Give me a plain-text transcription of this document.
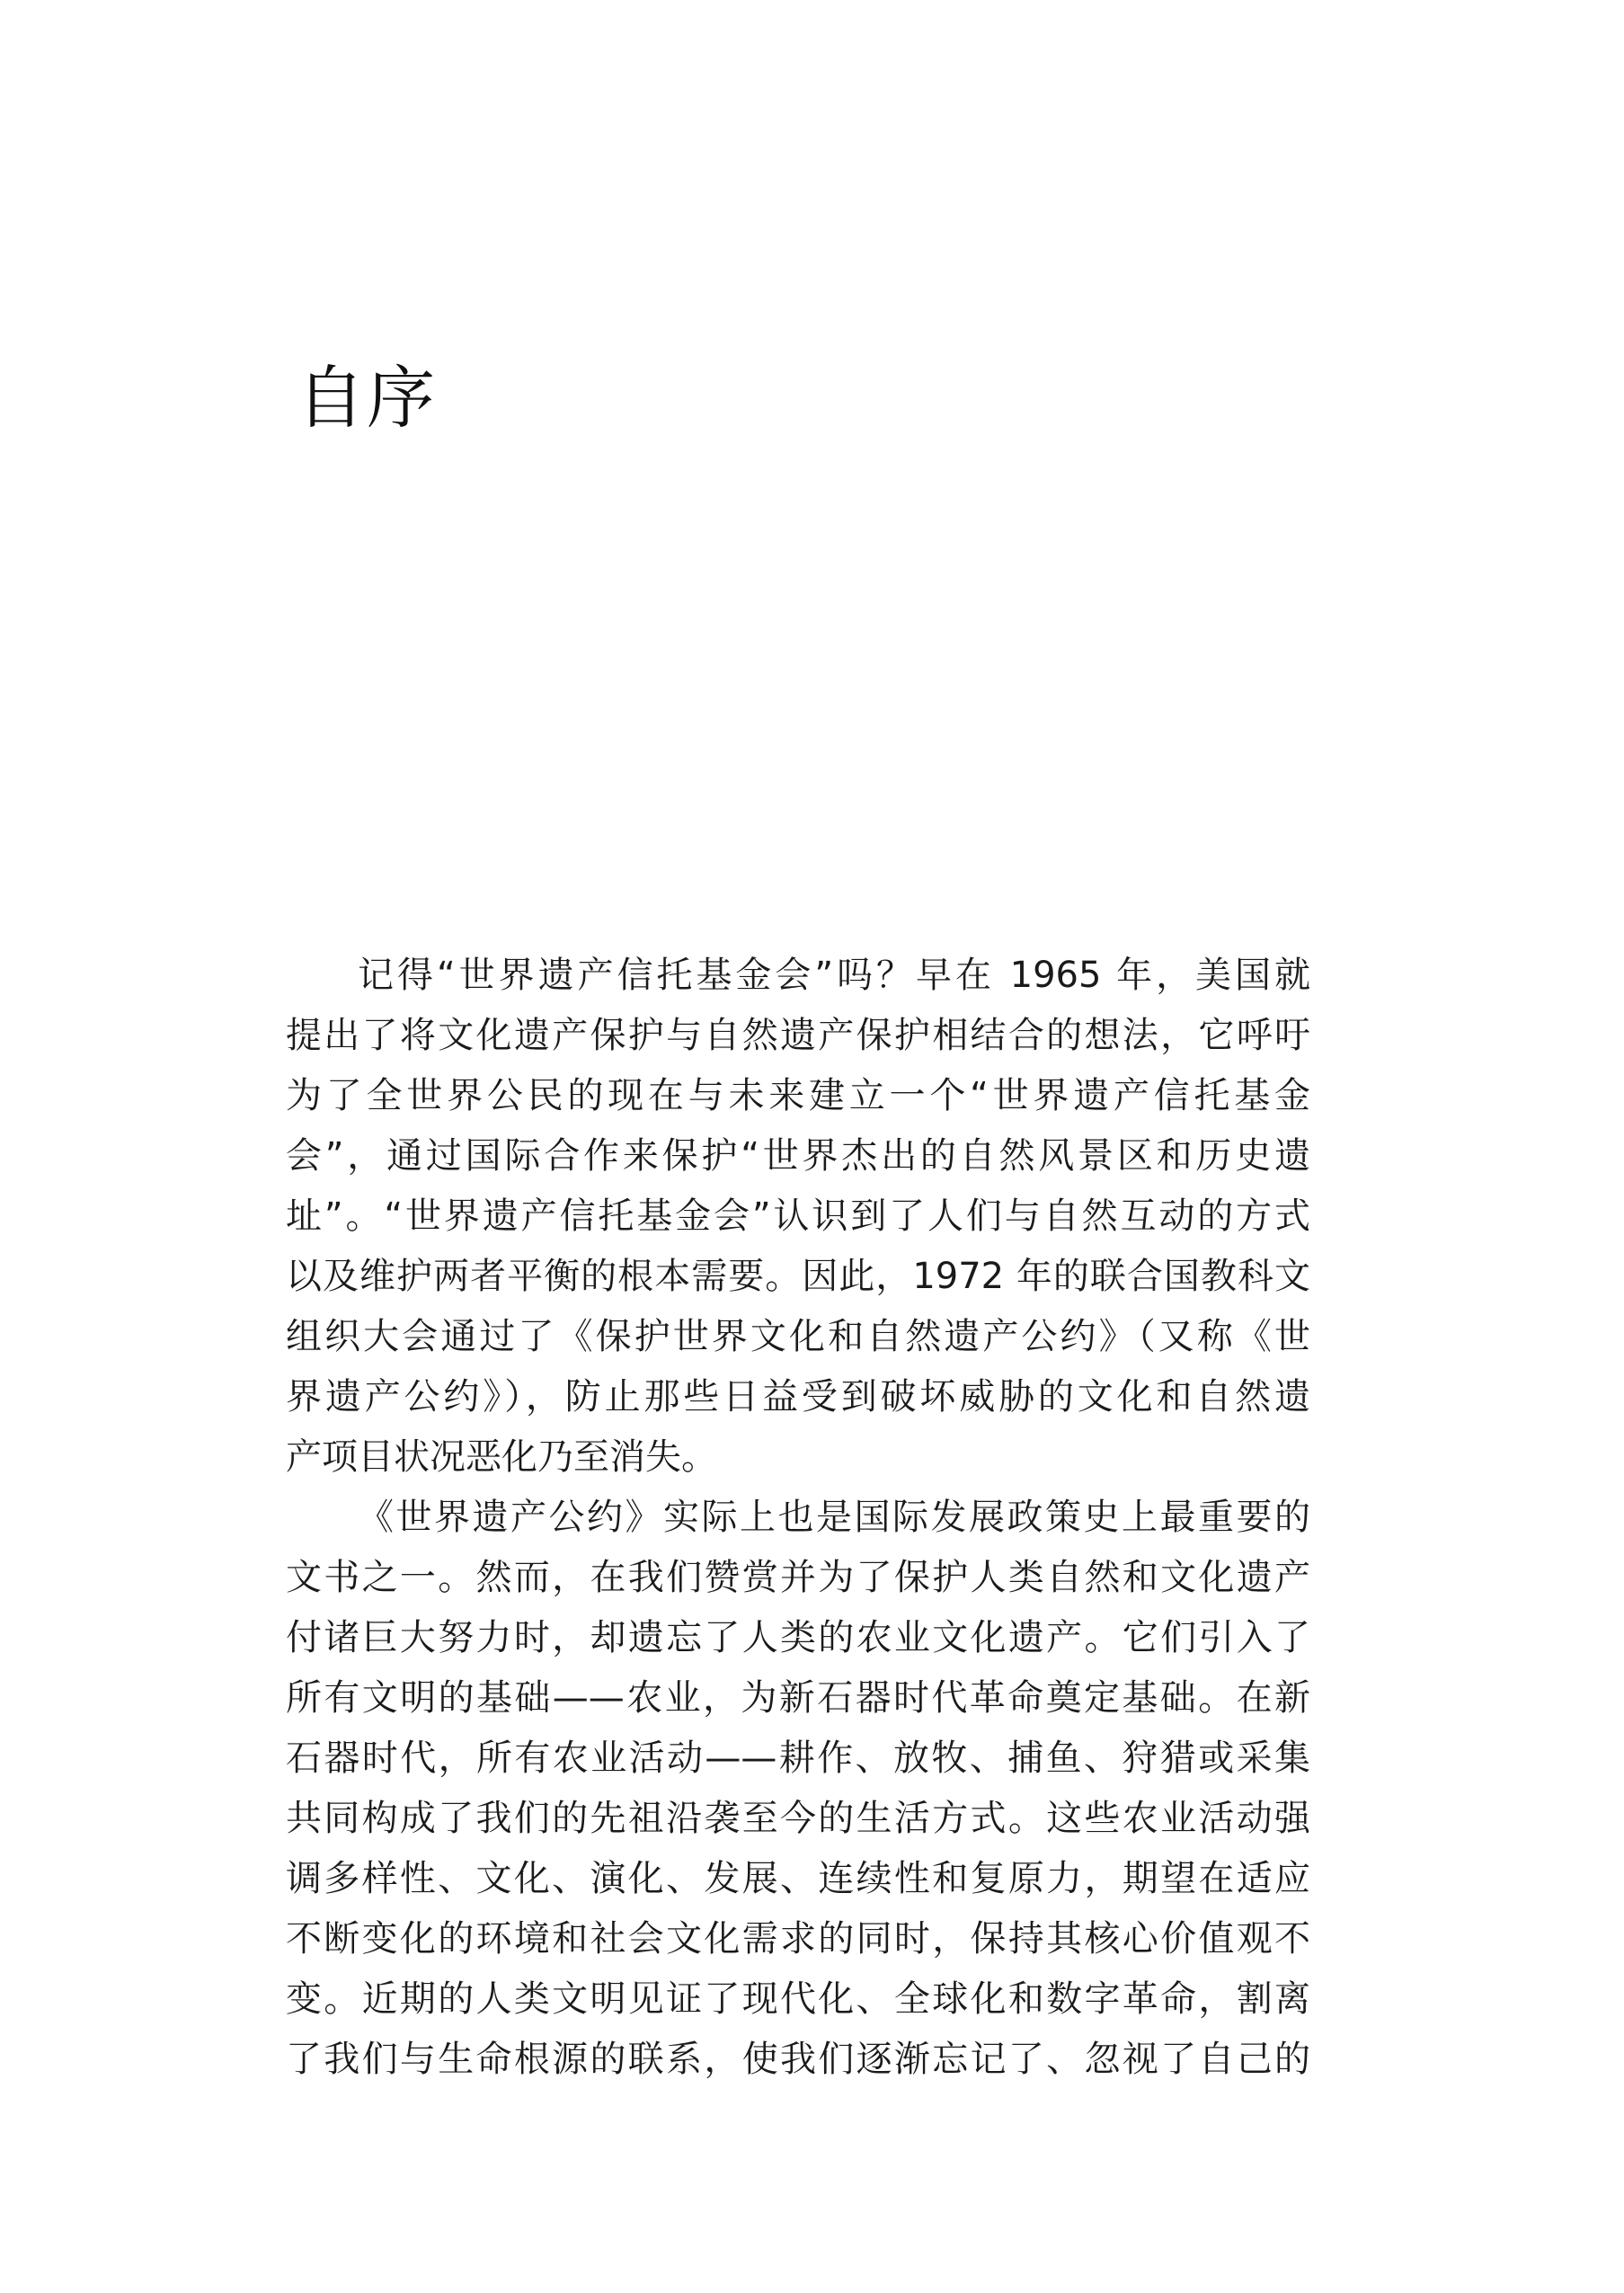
自序
记得“世界遗产信托基金会”吗？早在 1965 年，美国就
提出了将文化遗产保护与自然遗产保护相结合的想法，它呼吁
为了全世界公民的现在与未来建立一个“世界遗产信托基金
会”，通过国际合作来保护“世界杰出的自然风景区和历史遗
址”。“世界遗产信托基金会”认识到了人们与自然互动的方式
以及维护两者平衡的根本需要。因此，1972 年的联合国教科文
组织大会通过了《保护世界文化和自然遗产公约》（又称《世
界遗产公约》），防止那些日益受到破坏威胁的文化和自然遗
产项目状况恶化乃至消失。
《世界遗产公约》实际上也是国际发展政策史上最重要的
文书之一。然而，在我们赞赏并为了保护人类自然和文化遗产
付诸巨大努力时，却遗忘了人类的农业文化遗产。它们引入了
所有文明的基础——农业，为新石器时代革命奠定基础。在新
石器时代，所有农业活动——耕作、放牧、捕鱼、狩猎或采集
共同构成了我们的先祖沿袭至今的生活方式。这些农业活动强
调多样性、文化、演化、发展、连续性和复原力，期望在适应
不断变化的环境和社会文化需求的同时，保持其核心价值观不
变。近期的人类文明见证了现代化、全球化和数字革命，割离
了我们与生命根源的联系，使我们逐渐忘记了、忽视了自己的
